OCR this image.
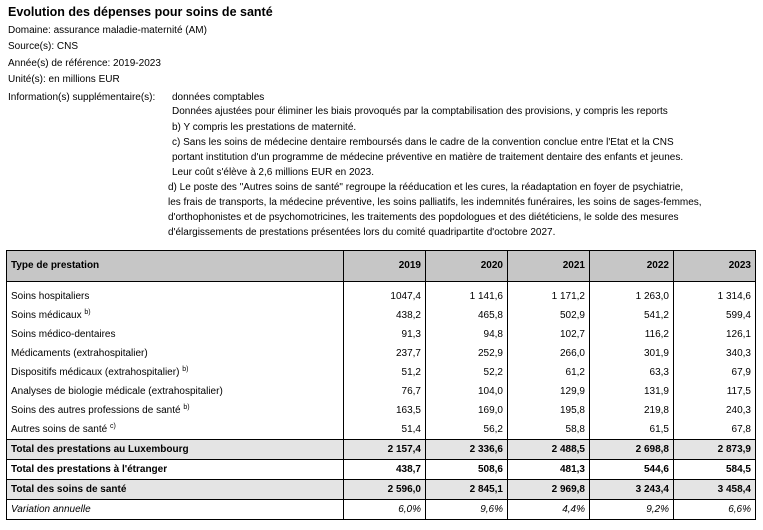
Evolution des dépenses pour soins de santé
Domaine: assurance maladie-maternité (AM)
Source(s): CNS
Année(s) de référence: 2019-2023
Unité(s): en millions EUR
Information(s) supplémentaire(s): données comptables
Données ajustées pour éliminer les biais provoqués par la comptabilisation des provisions, y compris les reports
b) Y compris les prestations de maternité.
c) Sans les soins de médecine dentaire remboursés dans le cadre de la convention conclue entre l'Etat et la CNS
portant institution d'un programme de médecine préventive en matière de traitement dentaire des enfants et jeunes.
Leur coût s'élève à 2,6 millions EUR en 2023.
d) Le poste des "Autres soins de santé" regroupe la rééducation et les cures, la réadaptation en foyer de psychiatrie,
les frais de transports, la médecine préventive, les soins palliatifs, les indemnités funéraires, les soins de sages-femmes,
d'orthophonistes et de psychomotricines, les traitements des popdologues et des diététiciens, le solde des mesures
d'élargissements de prestations présentées lors du comité quadripartite d'octobre 2027.
Type de prestation	2019	2020	2021	2022	2023

Soins hospitaliers	1047,4	1 141,6	1 171,2	1 263,0	1 314,6
Soins médicaux $^{b)}$	438,2	465,8	502,9	541,2	599,4
Soins médico-dentaires	91,3	94,8	102,7	116,2	126,1
Médicaments (extrahospitalier)	237,7	252,9	266,0	301,9	340,3
Dispositifs médicaux (extrahospitalier) $^{b)}$	51,2	52,2	61,2	63,3	67,9
Analyses de biologie médicale (extrahospitalier)	76,7	104,0	129,9	131,9	117,5
Soins des autres professions de santé $^{b)}$	163,5	169,0	195,8	219,8	240,3
Autres soins de santé $^{c)}$	51,4	56,2	58,8	61,5	67,8
Total des prestations au Luxembourg	2 157,4	2 336,6	2 488,5	2 698,8	2 873,9
Total des prestations à l'étranger	438,7	508,6	481,3	544,6	584,5
Total des soins de santé	2 596,0	2 845,1	2 969,8	3 243,4	3 458,4
Variation annuelle	6,0%	9,6%	4,4%	9,2%	6,6%
